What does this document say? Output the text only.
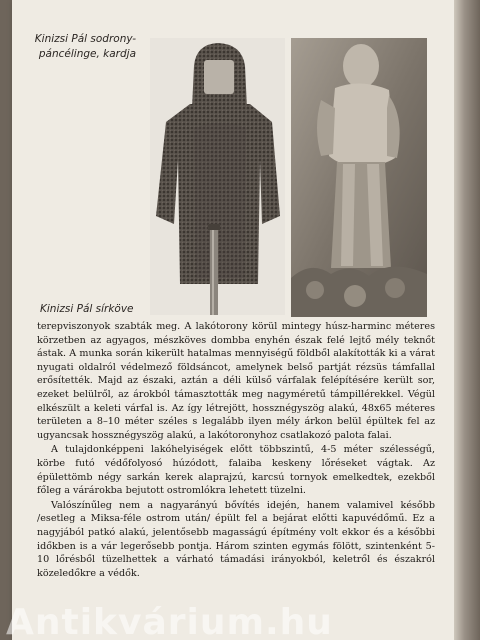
Kinizsi Pál sodrony-
páncélinge, kardja
Kinizsi Pál sírköve

terepviszonyok szabták meg. A lakótorony körül mintegy húsz-harminc méteres körzetben az agyagos, mészköves dombba enyhén észak felé lejtő mély teknőt ástak. A munka során kikerült hatalmas mennyiségű földből alakították ki a várat nyugati oldalról védelmező földsáncot, amelynek belső partját rézsüs támfallal erősítették. Majd az északi, aztán a déli külső várfalak felépítésére került sor, ezeket belülről, az árokból támasztották meg nagyméretű támpillérekkel. Végül elkészült a keleti várfal is. Az így létrejött, hossznégyszög alakú, 48x65 méteres területen a 8–10 méter széles s legalább ilyen mély árkon belül épültek fel az ugyancsak hossznégyszög alakú, a lakótoronyhoz csatlakozó palota falai.

A tulajdonképpeni lakóhelyiségek előtt többszintű, 4-5 méter szélességű, körbe futó védőfolyosó húzódott, falaiba keskeny lőréseket vágtak. Az épülettömb négy sarkán kerek alaprajzú, karcsú tornyok emelkedtek, ezekből főleg a várárokba bejutott ostromlókra lehetett tüzelni.

Valószínűleg nem a nagyarányú bővítés idején, hanem valamivel később /esetleg a Miksa-féle ostrom után/ épült fel a bejárat előtti kapuvédőmű. Ez a nagyjából patkó alakú, jelentősebb magasságú építmény volt ekkor és a későbbi időkben is a vár legerősebb pontja. Három szinten egymás fölött, szintenként 5-10 lőrésből tüzelhettek a várható támadási irányokból, keletről és északról közeledőkre a védők.

Antikvárium.hu
